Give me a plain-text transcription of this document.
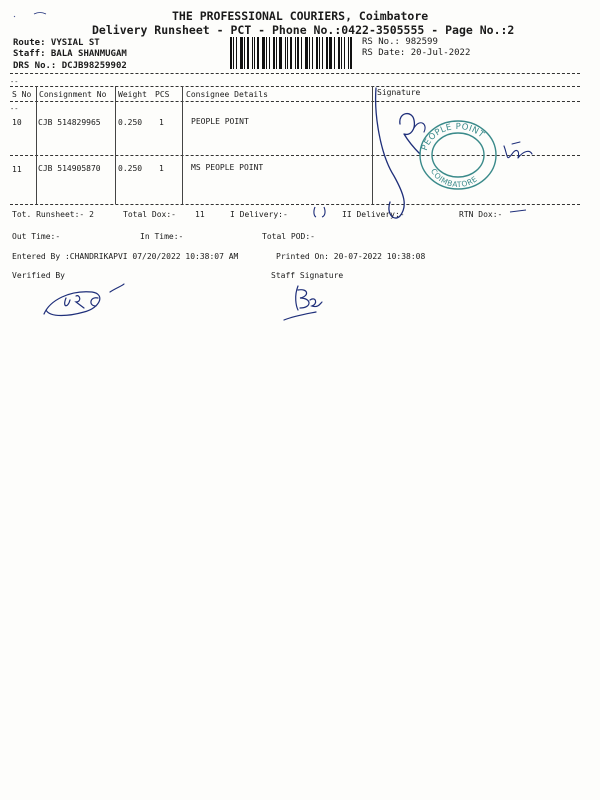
THE PROFESSIONAL COURIERS, Coimbatore
Delivery Runsheet - PCT - Phone No.:0422-3505555 - Page No.:2
Route: VYSIAL ST
Staff: BALA SHANMUGAM
DRS No.: DCJB98259902
RS No.: 982599
RS Date: 20-Jul-2022
--
--
S No Consignment No Weight PCS Consignee Details	Signature
10 CJB 514829965 0.250 1	PEOPLE POINT
11 CJB 514905870 0.250 1	MS PEOPLE POINT
Tot. Runsheet:- 2	Total Dox:- 11	I Delivery:-	II Delivery:-	RTN Dox:-
Out Time:-	In Time:-	Total POD:-
Entered By :CHANDRIKAPVI 07/20/2022 10:38:07 AM	Printed On: 20-07-2022 10:38:08
Verified By	Staff Signature
PEOPLE POINT
COIMBATORE
